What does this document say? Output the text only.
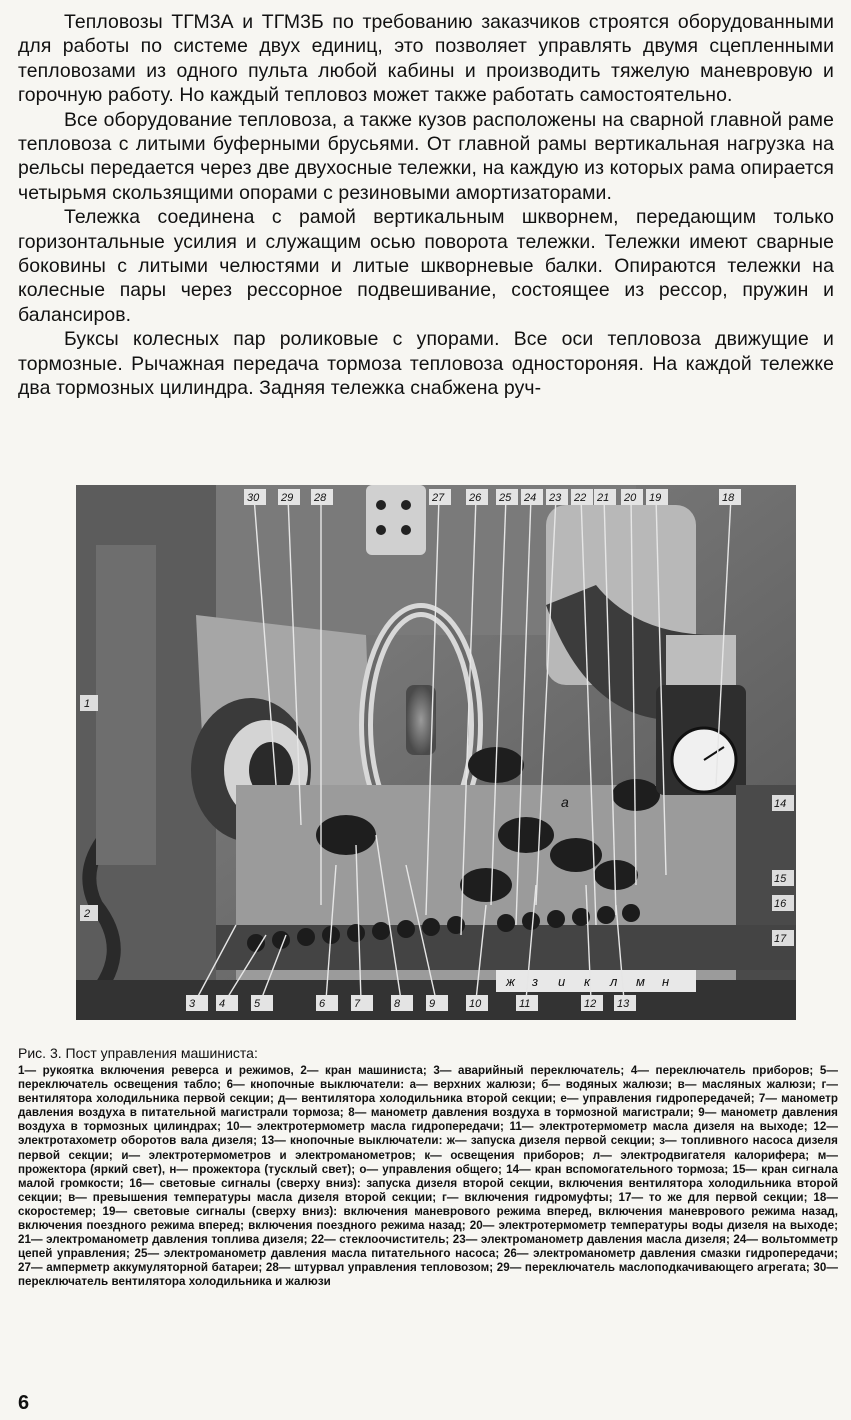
Тепловозы ТГМ3А и ТГМ3Б по требованию заказчиков строятся оборудованными для работы по системе двух единиц, это позволяет управлять двумя сцепленными тепловозами из одного пульта любой кабины и производить тяжелую маневровую и горочную работу. Но каждый тепловоз может также работать самостоятельно.

Все оборудование тепловоза, а также кузов расположены на сварной главной раме тепловоза с литыми буферными брусьями. От главной рамы вертикальная нагрузка на рельсы передается через две двухосные тележки, на каждую из которых рама опирается четырьмя скользящими опорами с резиновыми амортизаторами.

Тележка соединена с рамой вертикальным шкворнем, передающим только горизонтальные усилия и служащим осью поворота тележки. Тележки имеют сварные боковины с литыми челюстями и литые шкворневые балки. Опираются тележки на колесные пары через рессорное подвешивание, состоящее из рессор, пружин и балансиров.

Буксы колесных пар роликовые с упорами. Все оси тепловоза движущие и тормозные. Рычажная передача тормоза тепловоза одностороняя. На каждой тележке два тормозных цилиндра. Задняя тележка снабжена руч-

30 29 28	27 26 25 24 23 22 21 20 19	18
3 4	5	6	7	8	9	10	11	12 13
1
2
14
15
16
17
а
ж з и к л м н
Рис. 3. Пост управления машиниста:
1— рукоятка включения реверса и режимов, 2— кран машиниста; 3— аварийный переключатель; 4— переключатель приборов; 5— переключатель освещения табло; 6— кнопочные выключатели: а— верхних жалюзи; б— водяных жалюзи; в— масляных жалюзи; г— вентилятора холодильника первой секции; д— вентилятора холодильника второй секции; е— управления гидропередачей; 7— манометр давления воздуха в питательной магистрали тормоза; 8— манометр давления воздуха в тормозной магистрали; 9— манометр давления воздуха в тормозных цилиндрах; 10— электротермометр масла гидропередачи; 11— электротермометр масла дизеля на выходе; 12— электротахометр оборотов вала дизеля; 13— кнопочные выключатели: ж— запуска дизеля первой секции; з— топливного насоса дизеля первой секции; и— электротермометров и электроманометров; к— освещения приборов; л— электродвигателя калорифера; м— прожектора (яркий свет), н— прожектора (тусклый свет); о— управления общего; 14— кран вспомогательного тормоза; 15— кран сигнала малой громкости; 16— световые сигналы (сверху вниз): запуска дизеля второй секции, включения вентилятора холодильника второй секции; в— превышения температуры масла дизеля второй секции; г— включения гидромуфты; 17— то же для первой секции; 18— скоростемер; 19— световые сигналы (сверху вниз): включения маневрового режима вперед, включения маневрового режима назад, включения поездного режима вперед; включения поездного режима назад; 20— электротермометр температуры воды дизеля на выходе; 21— электроманометр давления топлива дизеля; 22— стеклоочиститель; 23— электроманометр давления масла дизеля; 24— вольтомметр цепей управления; 25— электроманометр давления масла питательного насоса; 26— электроманометр давления смазки гидропередачи; 27— амперметр аккумуляторной батареи; 28— штурвал управления тепловозом; 29— переключатель маслоподкачивающего агрегата; 30— переключатель вентилятора холодильника и жалюзи
6
